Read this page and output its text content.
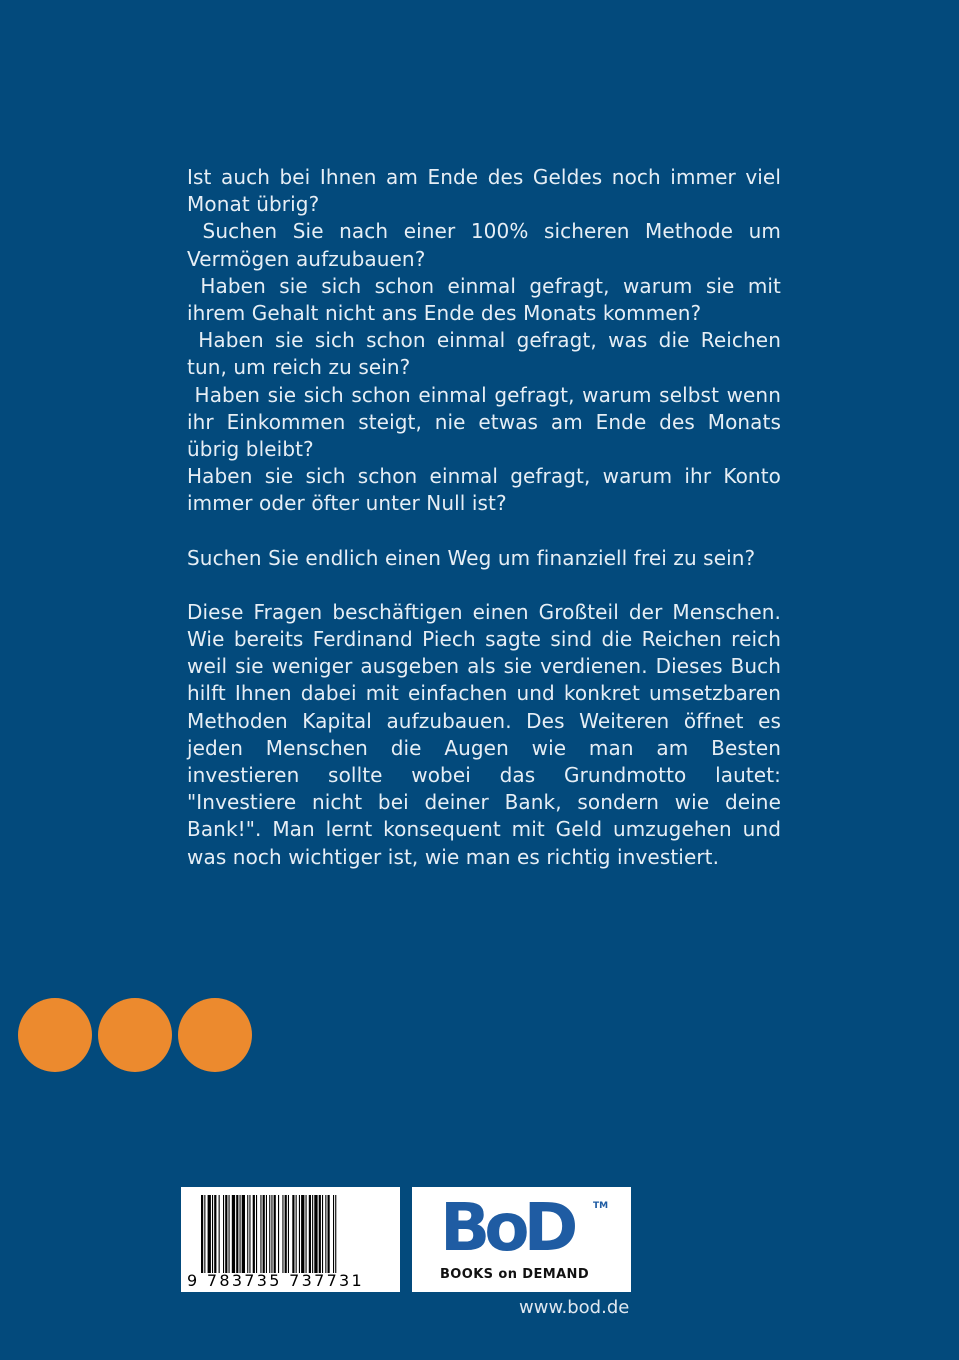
Ist auch bei Ihnen am Ende des Geldes noch immer viel Monat übrig?

Suchen Sie nach einer 100% sicheren Methode um Vermögen aufzubauen?

Haben sie sich schon einmal gefragt, warum sie mit ihrem Gehalt nicht ans Ende des Monats kommen?

Haben sie sich schon einmal gefragt, was die Reichen tun, um reich zu sein?

Haben sie sich schon einmal gefragt, warum selbst wenn ihr Einkommen steigt, nie etwas am Ende des Monats übrig bleibt?

Haben sie sich schon einmal gefragt, warum ihr Konto immer oder öfter unter Null ist?

Suchen Sie endlich einen Weg um finanziell frei zu sein?

Diese Fragen beschäftigen einen Großteil der Menschen. Wie bereits Ferdinand Piech sagte sind die Reichen reich weil sie weniger ausgeben als sie verdienen. Dieses Buch hilft Ihnen dabei mit einfachen und konkret umsetzbaren Methoden Kapital aufzubauen. Des Weiteren öffnet es jeden Menschen die Augen wie man am Besten investieren sollte wobei das Grundmotto lautet: "Investiere nicht bei deiner Bank, sondern wie deine Bank!". Man lernt konsequent mit Geld umzugehen und was noch wichtiger ist, wie man es richtig investiert.

9 783735 737731
BoD TM
BOOKS on DEMAND
www.bod.de
